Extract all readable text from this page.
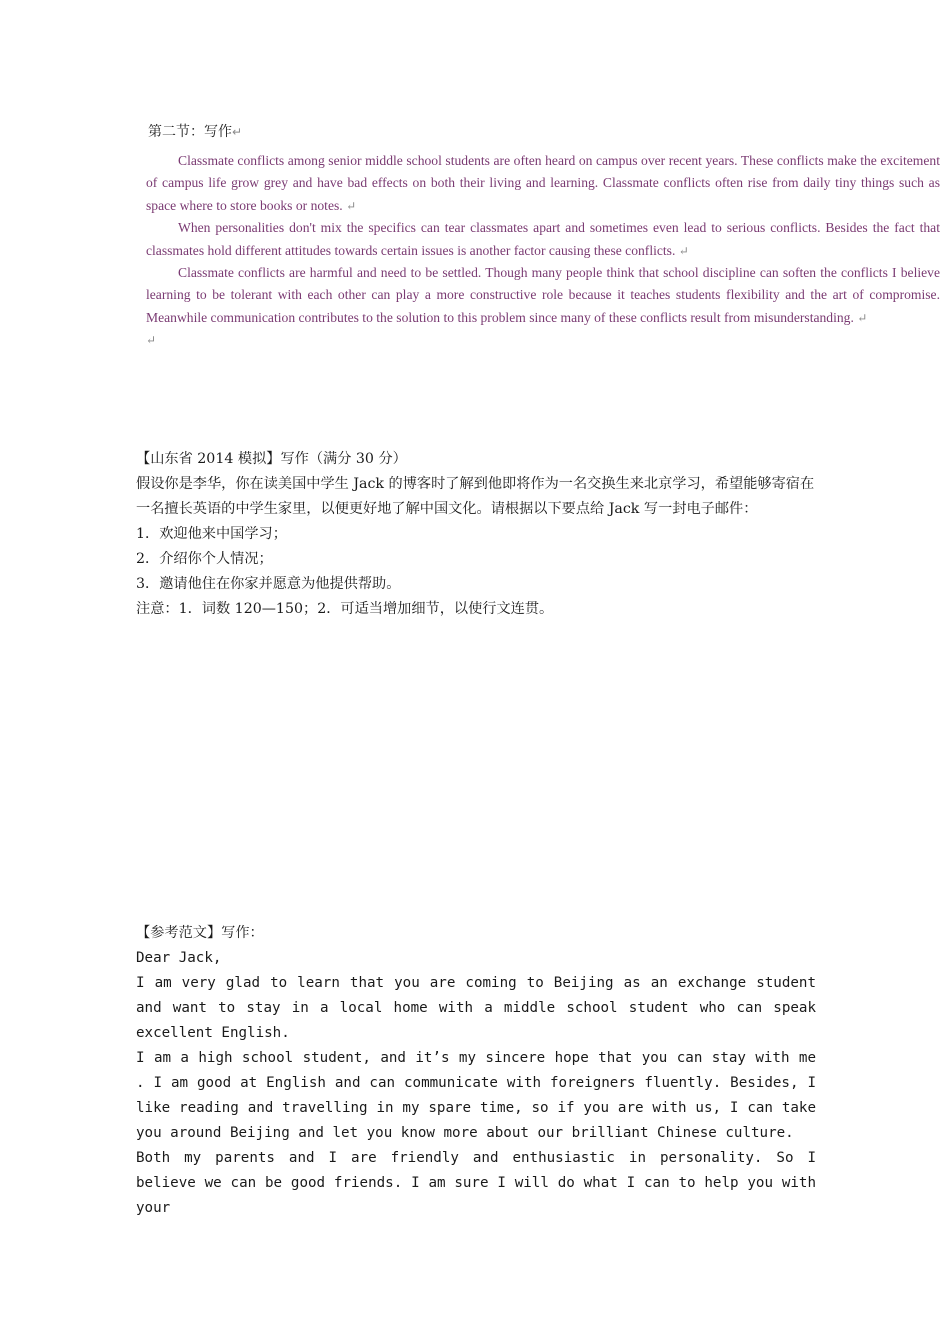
第二节：写作↵

Classmate conflicts among senior middle school students are often heard on campus over recent years. These conflicts make the excitement of campus life grow grey and have bad effects on both their living and learning. Classmate conflicts often rise from daily tiny things such as space where to store books or notes. ↵

When personalities don't mix the specifics can tear classmates apart and sometimes even lead to serious conflicts. Besides the fact that classmates hold different attitudes towards certain issues is another factor causing these conflicts. ↵

Classmate conflicts are harmful and need to be settled. Though many people think that school discipline can soften the conflicts I believe learning to be tolerant with each other can play a more constructive role because it teaches students flexibility and the art of compromise. Meanwhile communication contributes to the solution to this problem since many of these conflicts result from misunderstanding. ↵

↵

【山东省 2014 模拟】写作（满分 30 分）

假设你是李华，你在读美国中学生 Jack 的博客时了解到他即将作为一名交换生来北京学习，希望能够寄宿在一名擅长英语的中学生家里，以便更好地了解中国文化。请根据以下要点给 Jack 写一封电子邮件：

1．欢迎他来中国学习；

2．介绍你个人情况；

3．邀请他住在你家并愿意为他提供帮助。

注意：1．词数 120—150；2．可适当增加细节，以使行文连贯。

【参考范文】写作：

Dear Jack,

I am very glad to learn that you are coming to Beijing as an exchange student and want to stay in a local home with a middle school student who can speak excellent English.

I am a high school student, and it’s my sincere hope that you can stay with me . I am good at English and can communicate with foreigners fluently. Besides, I like reading and travelling in my spare time, so if you are with us, I can take you around Beijing and let you know more about our brilliant Chinese culture.

Both my parents and I are friendly and enthusiastic in personality. So I believe we can be good friends. I am sure I will do what I can to help you with your
